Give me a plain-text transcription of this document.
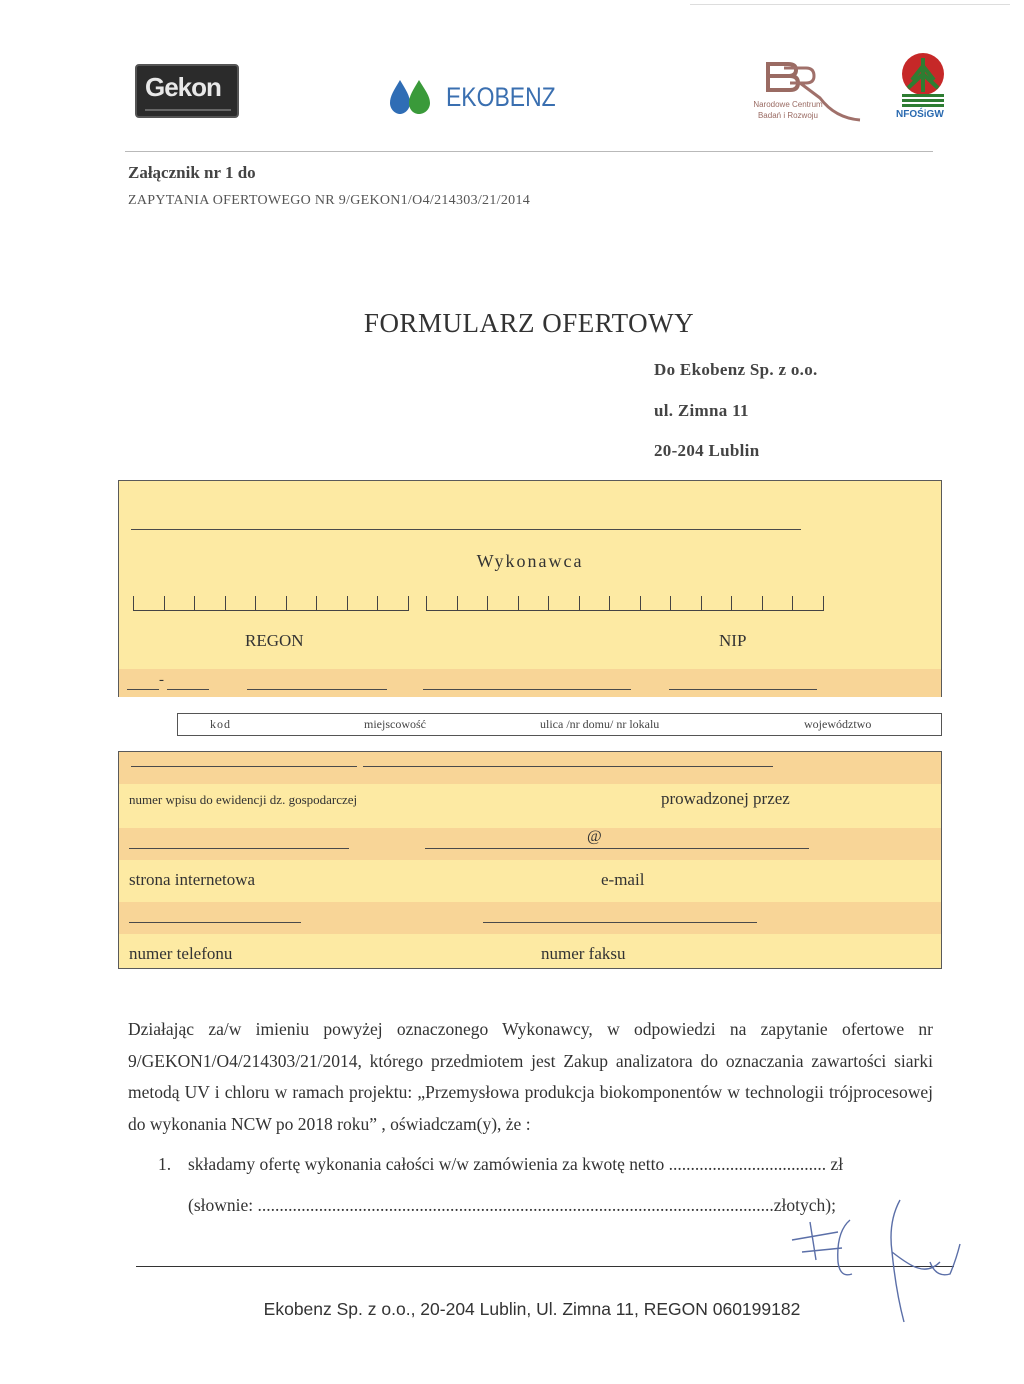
Gekon	EKOBENZ	Narodowe Centrum
Badań i Rozwoju	NFOŚiGW
Załącznik nr 1 do
ZAPYTANIA OFERTOWEGO NR 9/GEKON1/O4/214303/21/2014
FORMULARZ OFERTOWY
Do Ekobenz Sp. z o.o.
ul. Zimna 11
20-204 Lublin
Wykonawca
REGON	NIP
-
kod	miejscowość	ulica /nr domu/ nr lokalu	województwo
numer wpisu do ewidencji dz. gospodarczej	prowadzonej przez
@
strona internetowa	e-mail
numer telefonu	numer faksu
Działając za/w imieniu powyżej oznaczonego Wykonawcy, w odpowiedzi na zapytanie ofertowe nr 9/GEKON1/O4/214303/21/2014, którego przedmiotem jest Zakup analizatora do oznaczania zawartości siarki metodą UV i chloru w ramach projektu: „Przemysłowa produkcja biokomponentów w technologii trójprocesowej do wykonania NCW po 2018 roku” , oświadczam(y), że :
1. składamy ofertę wykonania całości w/w zamówienia za kwotę netto .................................... zł
(słownie: ......................................................................................................................złotych);
Ekobenz Sp. z o.o., 20-204 Lublin, Ul. Zimna 11, REGON 060199182
